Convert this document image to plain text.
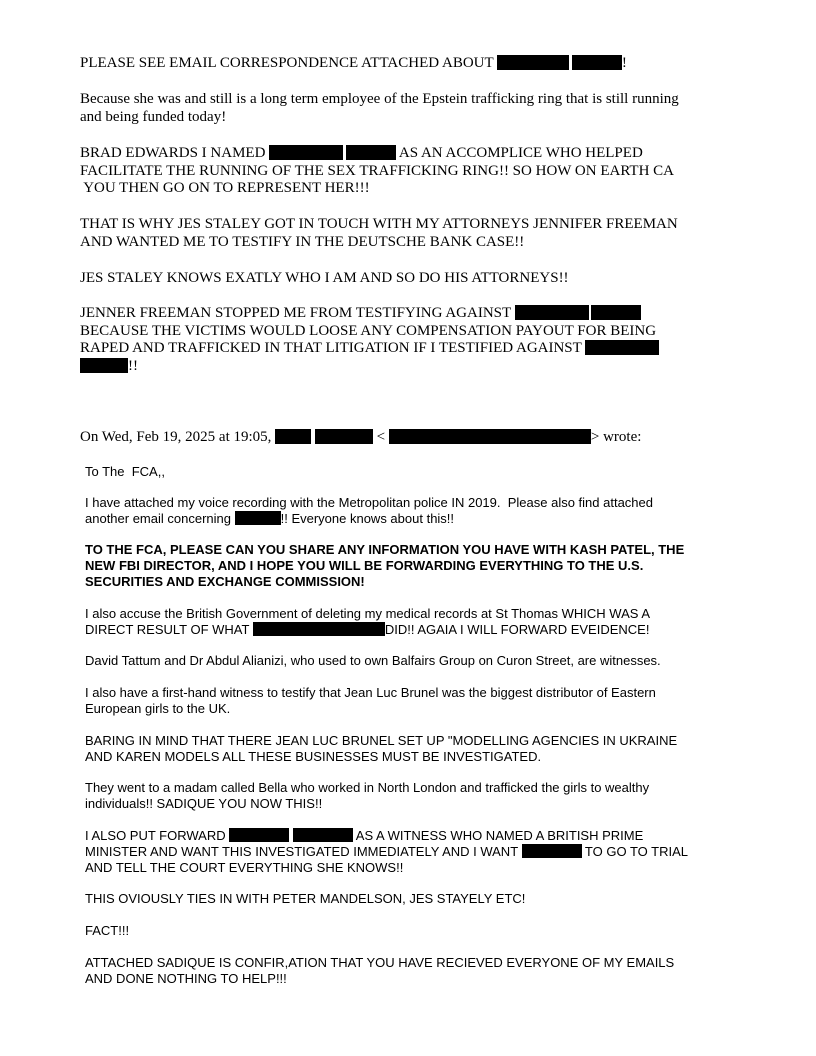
PLEASE SEE EMAIL CORRESPONDENCE ATTACHED ABOUT	!
Because she was and still is a long term employee of the Epstein trafficking ring that is still running
and being funded today!
BRAD EDWARDS I NAMED	AS AN ACCOMPLICE WHO HELPED
FACILITATE THE RUNNING OF THE SEX TRAFFICKING RING!! SO HOW ON EARTH CA
YOU THEN GO ON TO REPRESENT HER!!!
THAT IS WHY JES STALEY GOT IN TOUCH WITH MY ATTORNEYS JENNIFER FREEMAN
AND WANTED ME TO TESTIFY IN THE DEUTSCHE BANK CASE!!
JES STALEY KNOWS EXATLY WHO I AM AND SO DO HIS ATTORNEYS!!
JENNER FREEMAN STOPPED ME FROM TESTIFYING AGAINST
BECAUSE THE VICTIMS WOULD LOOSE ANY COMPENSATION PAYOUT FOR BEING
RAPED AND TRAFFICKED IN THAT LITIGATION IF I TESTIFIED AGAINST
!!
On Wed, Feb 19, 2025 at 19:05,	<	> wrote:
To The  FCA,,
I have attached my voice recording with the Metropolitan police IN 2019.  Please also find attached
another email concerning	!! Everyone knows about this!!
TO THE FCA, PLEASE CAN YOU SHARE ANY INFORMATION YOU HAVE WITH KASH PATEL, THE
NEW FBI DIRECTOR, AND I HOPE YOU WILL BE FORWARDING EVERYTHING TO THE U.S.
SECURITIES AND EXCHANGE COMMISSION!
I also accuse the British Government of deleting my medical records at St Thomas WHICH WAS A
DIRECT RESULT OF WHAT	DID!! AGAIA I WILL FORWARD EVEIDENCE!
David Tattum and Dr Abdul Alianizi, who used to own Balfairs Group on Curon Street, are witnesses.
I also have a first-hand witness to testify that Jean Luc Brunel was the biggest distributor of Eastern
European girls to the UK.
BARING IN MIND THAT THERE JEAN LUC BRUNEL SET UP "MODELLING AGENCIES IN UKRAINE
AND KAREN MODELS ALL THESE BUSINESSES MUST BE INVESTIGATED.
They went to a madam called Bella who worked in North London and trafficked the girls to wealthy
individuals!! SADIQUE YOU NOW THIS!!
I ALSO PUT FORWARD	AS A WITNESS WHO NAMED A BRITISH PRIME
MINISTER AND WANT THIS INVESTIGATED IMMEDIATELY AND I WANT	TO GO TO TRIAL
AND TELL THE COURT EVERYTHING SHE KNOWS!!
THIS OVIOUSLY TIES IN WITH PETER MANDELSON, JES STAYELY ETC!
FACT!!!
ATTACHED SADIQUE IS CONFIR,ATION THAT YOU HAVE RECIEVED EVERYONE OF MY EMAILS
AND DONE NOTHING TO HELP!!!
